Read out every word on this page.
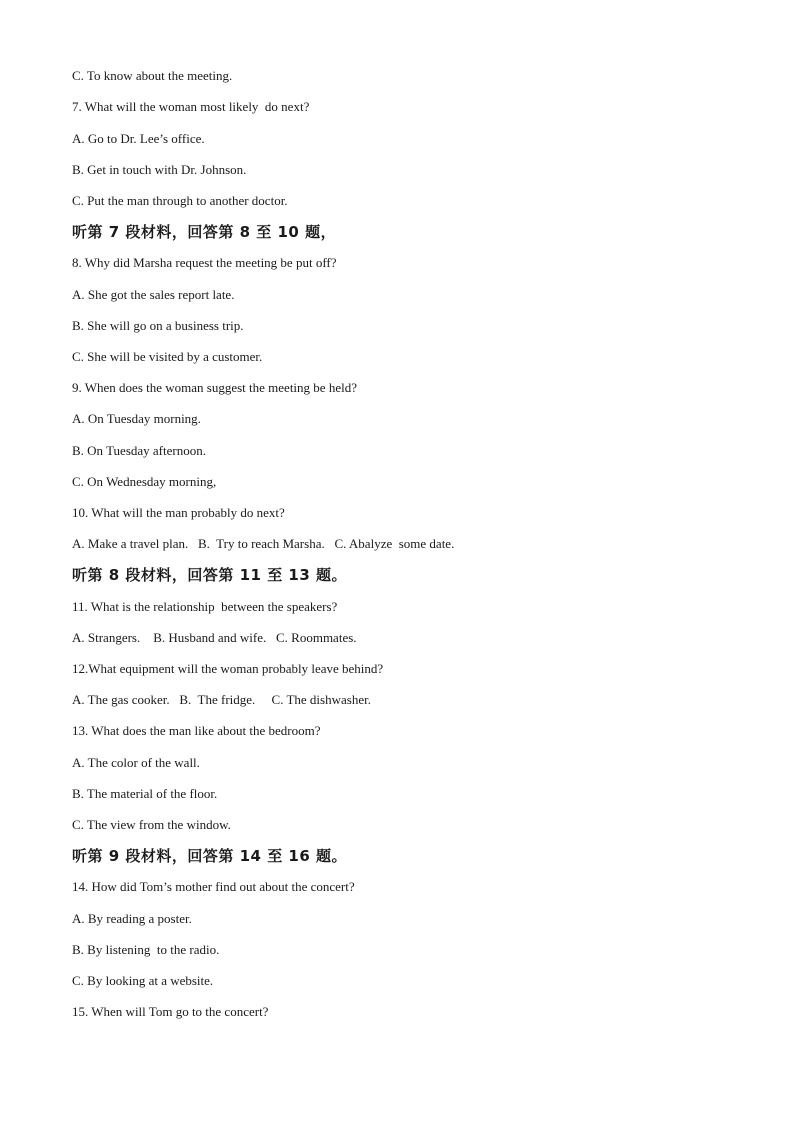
C. To know about the meeting.
7. What will the woman most likely  do next?
A. Go to Dr. Lee’s office.
B. Get in touch with Dr. Johnson.
C. Put the man through to another doctor.
听第 7 段材料，回答第 8 至 10 题，
8. Why did Marsha request the meeting be put off?
A. She got the sales report late.
B. She will go on a business trip.
C. She will be visited by a customer.
9. When does the woman suggest the meeting be held?
A. On Tuesday morning.
B. On Tuesday afternoon.
C. On Wednesday morning,
10. What will the man probably do next?
A. Make a travel plan.   B.  Try to reach Marsha.   C. Abalyze  some date.
听第 8 段材料，回答第 11 至 13 题。
11. What is the relationship  between the speakers?
A. Strangers.    B. Husband and wife.   C. Roommates.
12.What equipment will the woman probably leave behind?
A. The gas cooker.   B.  The fridge.     C. The dishwasher.
13. What does the man like about the bedroom?
A. The color of the wall.
B. The material of the floor.
C. The view from the window.
听第 9 段材料，回答第 14 至 16 题。
14. How did Tom’s mother find out about the concert?
A. By reading a poster.
B. By listening  to the radio.
C. By looking at a website.
15. When will Tom go to the concert?
